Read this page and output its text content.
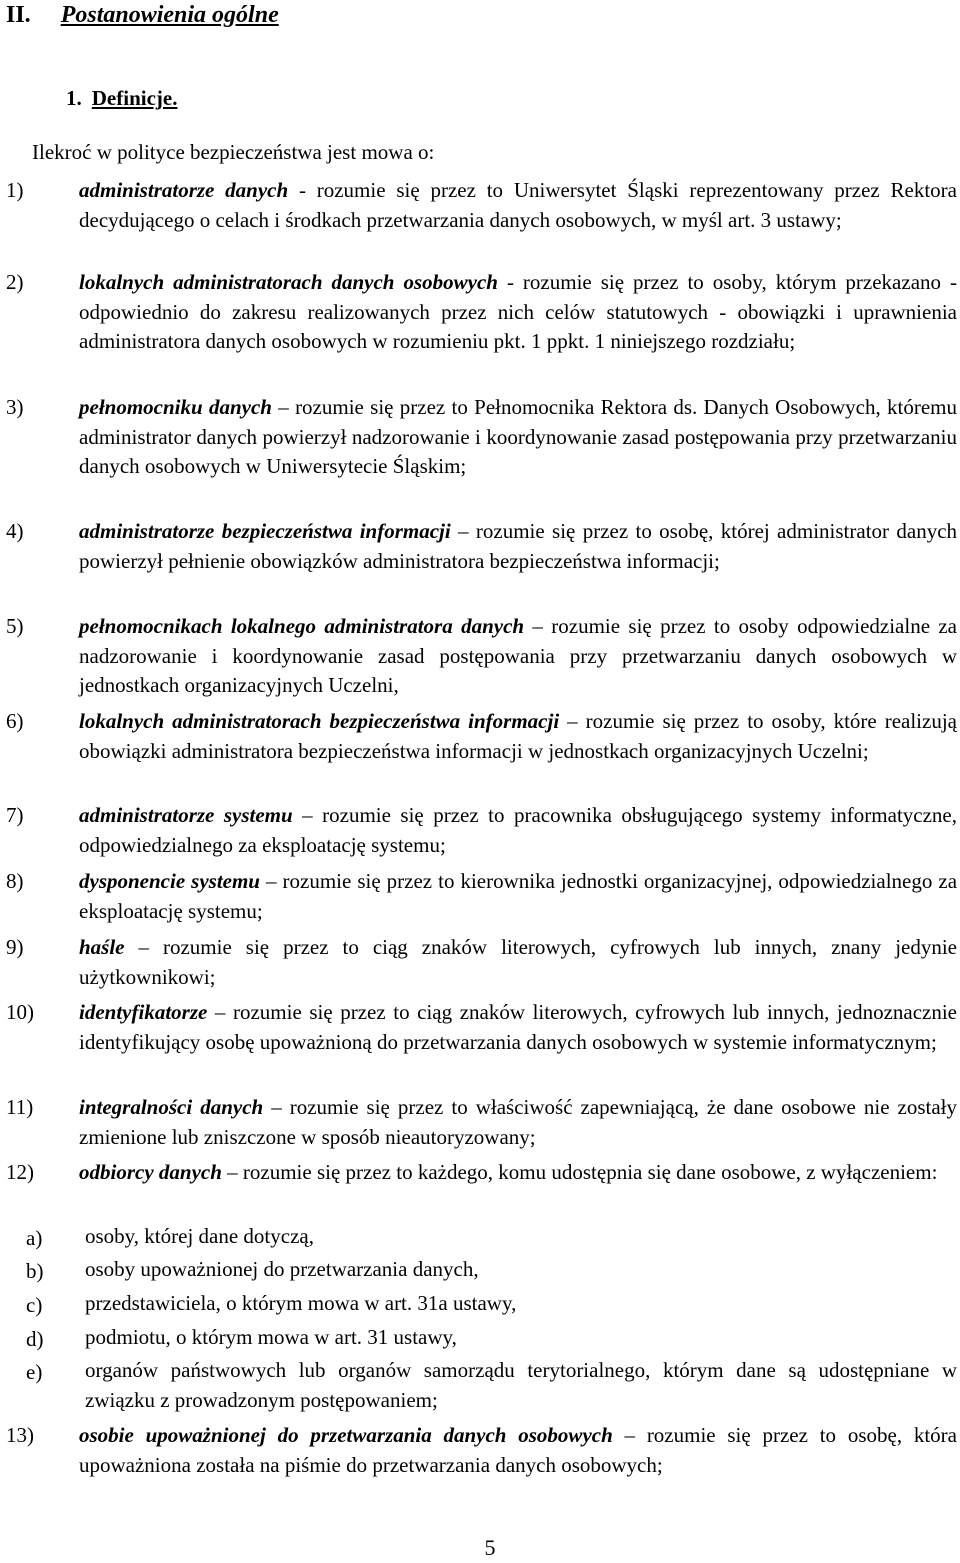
II. Postanowienia ogólne
1. Definicje.
Ilekroć w polityce bezpieczeństwa jest mowa o:
1)	administratorze danych - rozumie się przez to Uniwersytet Śląski reprezentowany przez Rektora decydującego o celach i środkach przetwarzania danych osobowych, w myśl art. 3 ustawy;
2)	lokalnych administratorach danych osobowych - rozumie się przez to osoby, którym przekazano - odpowiednio do zakresu realizowanych przez nich celów statutowych - obowiązki i uprawnienia administratora danych osobowych w rozumieniu pkt. 1 ppkt. 1 niniejszego rozdziału;
3)	pełnomocniku danych – rozumie się przez to Pełnomocnika Rektora ds. Danych Osobowych, któremu administrator danych powierzył nadzorowanie i koordynowanie zasad postępowania przy przetwarzaniu danych osobowych w Uniwersytecie Śląskim;
4)	administratorze bezpieczeństwa informacji – rozumie się przez to osobę, której administrator danych powierzył pełnienie obowiązków administratora bezpieczeństwa informacji;
5)	pełnomocnikach lokalnego administratora danych – rozumie się przez to osoby odpowiedzialne za nadzorowanie i koordynowanie zasad postępowania przy przetwarzaniu danych osobowych w jednostkach organizacyjnych Uczelni,
6)	lokalnych administratorach bezpieczeństwa informacji – rozumie się przez to osoby, które realizują obowiązki administratora bezpieczeństwa informacji w jednostkach organizacyjnych Uczelni;
7)	administratorze systemu – rozumie się przez to pracownika obsługującego systemy informatyczne, odpowiedzialnego za eksploatację systemu;
8)	dysponencie systemu – rozumie się przez to kierownika jednostki organizacyjnej, odpowiedzialnego za eksploatację systemu;
9)	haśle – rozumie się przez to ciąg znaków literowych, cyfrowych lub innych, znany jedynie użytkownikowi;
10) identyfikatorze – rozumie się przez to ciąg znaków literowych, cyfrowych lub innych, jednoznacznie identyfikujący osobę upoważnioną do przetwarzania danych osobowych w systemie informatycznym;
11) integralności danych – rozumie się przez to właściwość zapewniającą, że dane osobowe nie zostały zmienione lub zniszczone w sposób nieautoryzowany;
12) odbiorcy danych – rozumie się przez to każdego, komu udostępnia się dane osobowe, z wyłączeniem:
a) osoby, której dane dotyczą,
b) osoby upoważnionej do przetwarzania danych,
c) przedstawiciela, o którym mowa w art. 31a ustawy,
d) podmiotu, o którym mowa w art. 31 ustawy,
e) organów państwowych lub organów samorządu terytorialnego, którym dane są udostępniane w związku z prowadzonym postępowaniem;
13) osobie upoważnionej do przetwarzania danych osobowych – rozumie się przez to osobę, która upoważniona została na piśmie do przetwarzania danych osobowych;
5
